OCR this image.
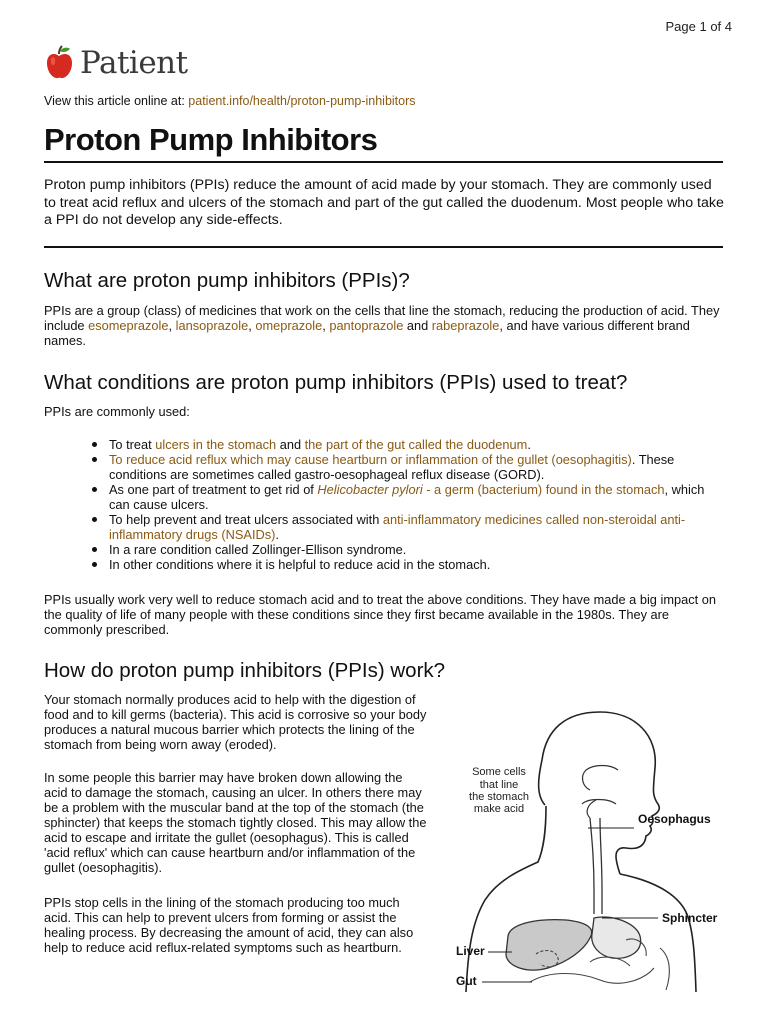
Page 1 of 4
Patient
View this article online at: patient.info/health/proton-pump-inhibitors
Proton Pump Inhibitors
Proton pump inhibitors (PPIs) reduce the amount of acid made by your stomach. They are commonly used to treat acid reflux and ulcers of the stomach and part of the gut called the duodenum. Most people who take a PPI do not develop any side-effects.
What are proton pump inhibitors (PPIs)?
PPIs are a group (class) of medicines that work on the cells that line the stomach, reducing the production of acid. They include esomeprazole, lansoprazole, omeprazole, pantoprazole and rabeprazole, and have various different brand names.
What conditions are proton pump inhibitors (PPIs) used to treat?
PPIs are commonly used:
To treat ulcers in the stomach and the part of the gut called the duodenum.
To reduce acid reflux which may cause heartburn or inflammation of the gullet (oesophagitis). These conditions are sometimes called gastro-oesophageal reflux disease (GORD).
As one part of treatment to get rid of Helicobacter pylori - a germ (bacterium) found in the stomach, which can cause ulcers.
To help prevent and treat ulcers associated with anti-inflammatory medicines called non-steroidal anti-inflammatory drugs (NSAIDs).
In a rare condition called Zollinger-Ellison syndrome.
In other conditions where it is helpful to reduce acid in the stomach.
PPIs usually work very well to reduce stomach acid and to treat the above conditions. They have made a big impact on the quality of life of many people with these conditions since they first became available in the 1980s. They are commonly prescribed.
How do proton pump inhibitors (PPIs) work?
Your stomach normally produces acid to help with the digestion of food and to kill germs (bacteria). This acid is corrosive so your body produces a natural mucous barrier which protects the lining of the stomach from being worn away (eroded).
In some people this barrier may have broken down allowing the acid to damage the stomach, causing an ulcer. In others there may be a problem with the muscular band at the top of the stomach (the sphincter) that keeps the stomach tightly closed. This may allow the acid to escape and irritate the gullet (oesophagus). This is called 'acid reflux' which can cause heartburn and/or inflammation of the gullet (oesophagitis).
PPIs stop cells in the lining of the stomach producing too much acid. This can help to prevent ulcers from forming or assist the healing process. By decreasing the amount of acid, they can also help to reduce acid reflux-related symptoms such as heartburn.
Some cells
that line
the stomach
make acid
Oesophagus
Sphincter
Liver
Gut
